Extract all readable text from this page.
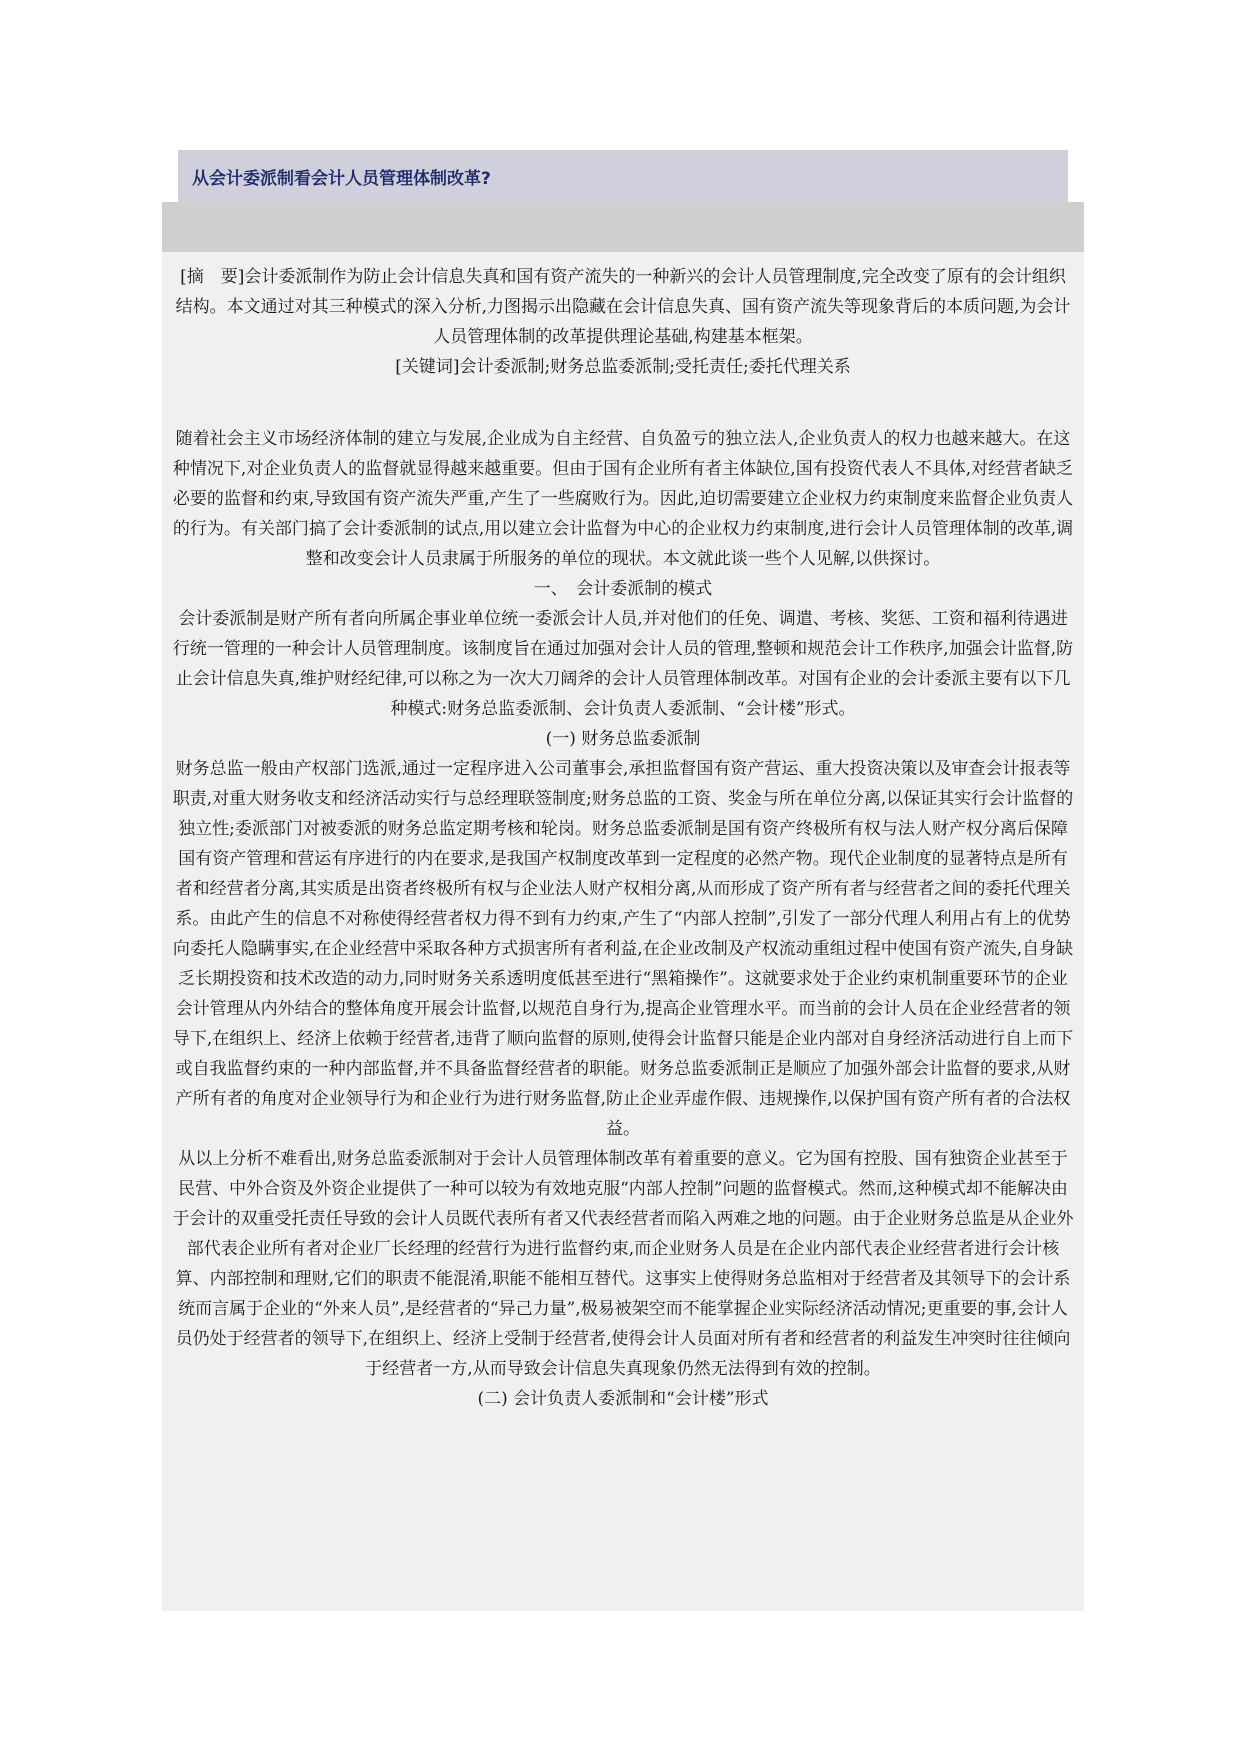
从会计委派制看会计人员管理体制改革?

[摘　要]会计委派制作为防止会计信息失真和国有资产流失的一种新兴的会计人员管理制度,完全改变了原有的会计组织结构。本文通过对其三种模式的深入分析,力图揭示出隐藏在会计信息失真、国有资产流失等现象背后的本质问题,为会计人员管理体制的改革提供理论基础,构建基本框架。

[关键词]会计委派制;财务总监委派制;受托责任;委托代理关系

随着社会主义市场经济体制的建立与发展,企业成为自主经营、自负盈亏的独立法人,企业负责人的权力也越来越大。在这种情况下,对企业负责人的监督就显得越来越重要。但由于国有企业所有者主体缺位,国有投资代表人不具体,对经营者缺乏必要的监督和约束,导致国有资产流失严重,产生了一些腐败行为。因此,迫切需要建立企业权力约束制度来监督企业负责人的行为。有关部门搞了会计委派制的试点,用以建立会计监督为中心的企业权力约束制度,进行会计人员管理体制的改革,调整和改变会计人员隶属于所服务的单位的现状。本文就此谈一些个人见解,以供探讨。

一、　会计委派制的模式

会计委派制是财产所有者向所属企事业单位统一委派会计人员,并对他们的任免、调遣、考核、奖惩、工资和福利待遇进行统一管理的一种会计人员管理制度。该制度旨在通过加强对会计人员的管理,整顿和规范会计工作秩序,加强会计监督,防止会计信息失真,维护财经纪律,可以称之为一次大刀阔斧的会计人员管理体制改革。对国有企业的会计委派主要有以下几种模式:财务总监委派制、会计负责人委派制、“会计楼”形式。

(一) 财务总监委派制

财务总监一般由产权部门选派,通过一定程序进入公司董事会,承担监督国有资产营运、重大投资决策以及审查会计报表等职责,对重大财务收支和经济活动实行与总经理联签制度;财务总监的工资、奖金与所在单位分离,以保证其实行会计监督的独立性;委派部门对被委派的财务总监定期考核和轮岗。财务总监委派制是国有资产终极所有权与法人财产权分离后保障国有资产管理和营运有序进行的内在要求,是我国产权制度改革到一定程度的必然产物。现代企业制度的显著特点是所有者和经营者分离,其实质是出资者终极所有权与企业法人财产权相分离,从而形成了资产所有者与经营者之间的委托代理关系。由此产生的信息不对称使得经营者权力得不到有力约束,产生了“内部人控制”,引发了一部分代理人利用占有上的优势向委托人隐瞒事实,在企业经营中采取各种方式损害所有者利益,在企业改制及产权流动重组过程中使国有资产流失,自身缺乏长期投资和技术改造的动力,同时财务关系透明度低甚至进行“黑箱操作”。这就要求处于企业约束机制重要环节的企业会计管理从内外结合的整体角度开展会计监督,以规范自身行为,提高企业管理水平。而当前的会计人员在企业经营者的领导下,在组织上、经济上依赖于经营者,违背了顺向监督的原则,使得会计监督只能是企业内部对自身经济活动进行自上而下或自我监督约束的一种内部监督,并不具备监督经营者的职能。财务总监委派制正是顺应了加强外部会计监督的要求,从财产所有者的角度对企业领导行为和企业行为进行财务监督,防止企业弄虚作假、违规操作,以保护国有资产所有者的合法权益。

从以上分析不难看出,财务总监委派制对于会计人员管理体制改革有着重要的意义。它为国有控股、国有独资企业甚至于民营、中外合资及外资企业提供了一种可以较为有效地克服“内部人控制”问题的监督模式。然而,这种模式却不能解决由于会计的双重受托责任导致的会计人员既代表所有者又代表经营者而陷入两难之地的问题。由于企业财务总监是从企业外部代表企业所有者对企业厂长经理的经营行为进行监督约束,而企业财务人员是在企业内部代表企业经营者进行会计核算、内部控制和理财,它们的职责不能混淆,职能不能相互替代。这事实上使得财务总监相对于经营者及其领导下的会计系统而言属于企业的“外来人员”,是经营者的“异己力量”,极易被架空而不能掌握企业实际经济活动情况;更重要的事,会计人员仍处于经营者的领导下,在组织上、经济上受制于经营者,使得会计人员面对所有者和经营者的利益发生冲突时往往倾向于经营者一方,从而导致会计信息失真现象仍然无法得到有效的控制。

(二) 会计负责人委派制和“会计楼”形式
